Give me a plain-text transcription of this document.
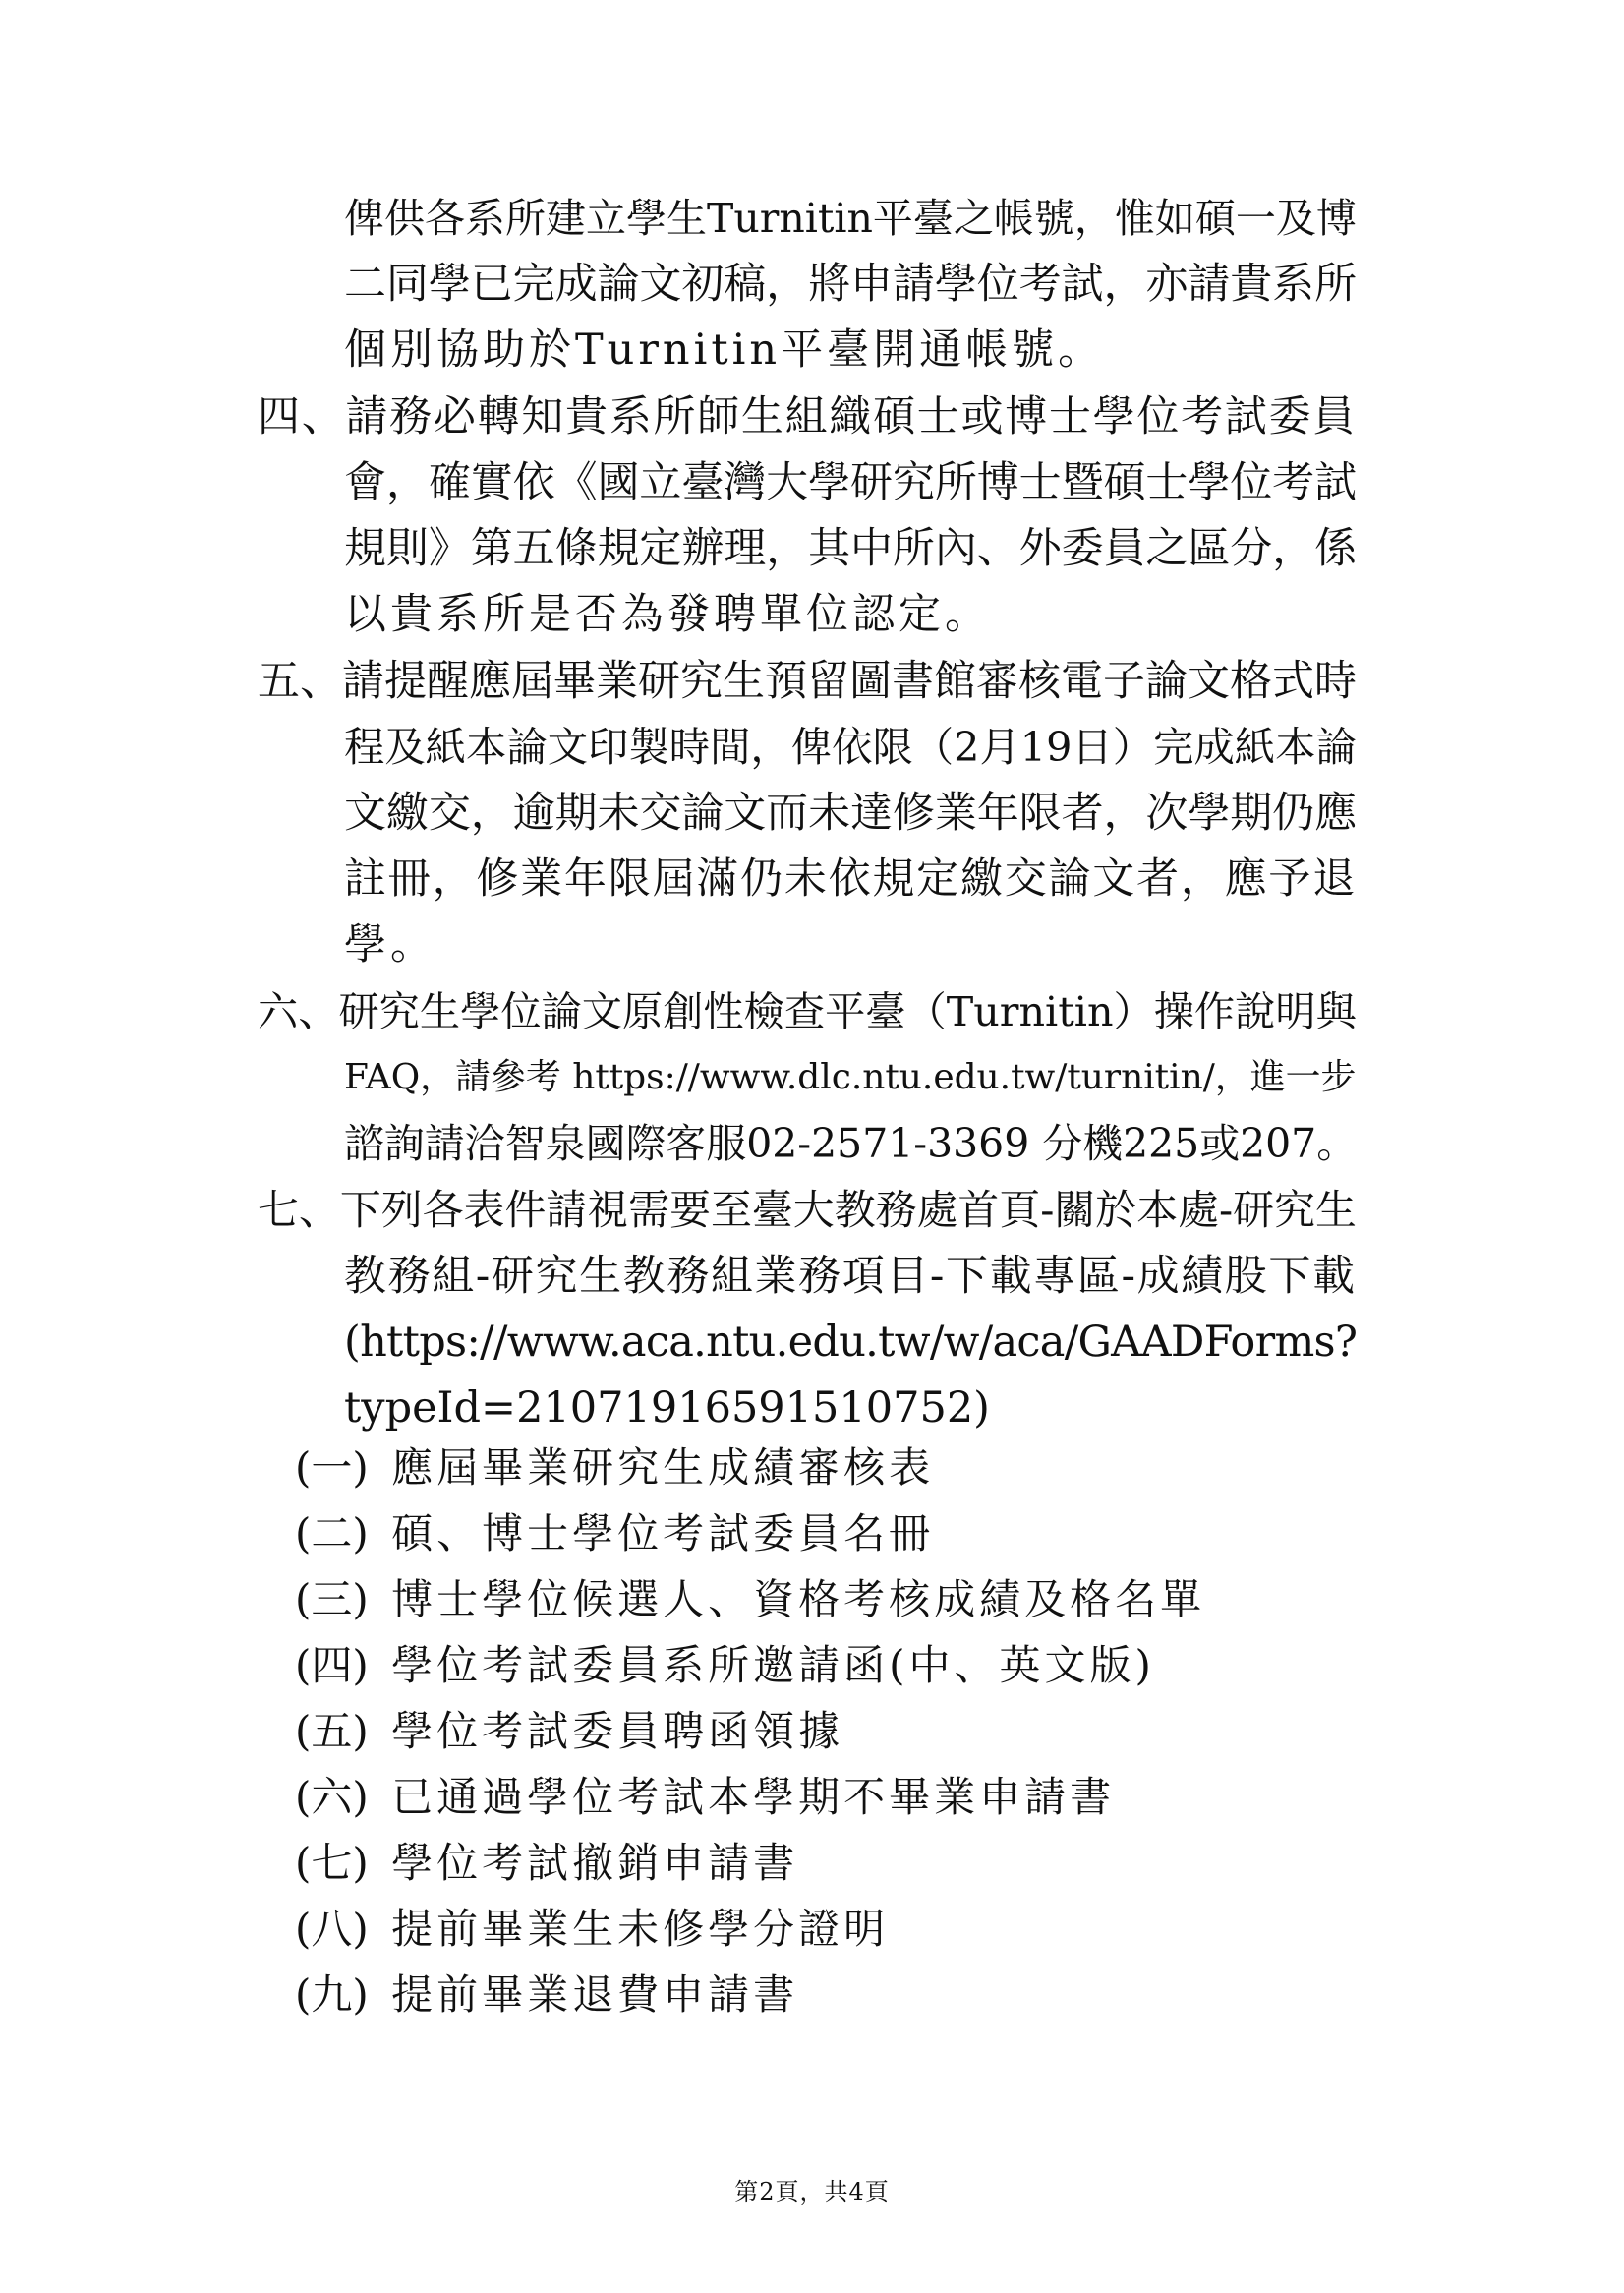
俾供各系所建立學生Turnitin平臺之帳號，惟如碩一及博
二同學已完成論文初稿，將申請學位考試，亦請貴系所
個別協助於Turnitin平臺開通帳號。
四、請務必轉知貴系所師生組織碩士或博士學位考試委員
會，確實依《國立臺灣大學研究所博士暨碩士學位考試
規則》第五條規定辦理，其中所內、外委員之區分，係
以貴系所是否為發聘單位認定。
五、請提醒應屆畢業研究生預留圖書館審核電子論文格式時
程及紙本論文印製時間，俾依限（2月19日）完成紙本論
文繳交，逾期未交論文而未達修業年限者，次學期仍應
註冊，修業年限屆滿仍未依規定繳交論文者，應予退
學。
六、研究生學位論文原創性檢查平臺（Turnitin）操作說明與
FAQ，請參考 https://www.dlc.ntu.edu.tw/turnitin/，進一步
諮詢請洽智泉國際客服02-2571-3369 分機225或207。
七、下列各表件請視需要至臺大教務處首頁-關於本處-研究生
教務組-研究生教務組業務項目-下載專區-成績股下載
(https://www.aca.ntu.edu.tw/w/aca/GAADForms?
typeId=21071916591510752)
(一) 應屆畢業研究生成績審核表
(二) 碩、博士學位考試委員名冊
(三) 博士學位候選人、資格考核成績及格名單
(四) 學位考試委員系所邀請函(中、英文版)
(五) 學位考試委員聘函領據
(六) 已通過學位考試本學期不畢業申請書
(七) 學位考試撤銷申請書
(八) 提前畢業生未修學分證明
(九) 提前畢業退費申請書
第2頁，共4頁
